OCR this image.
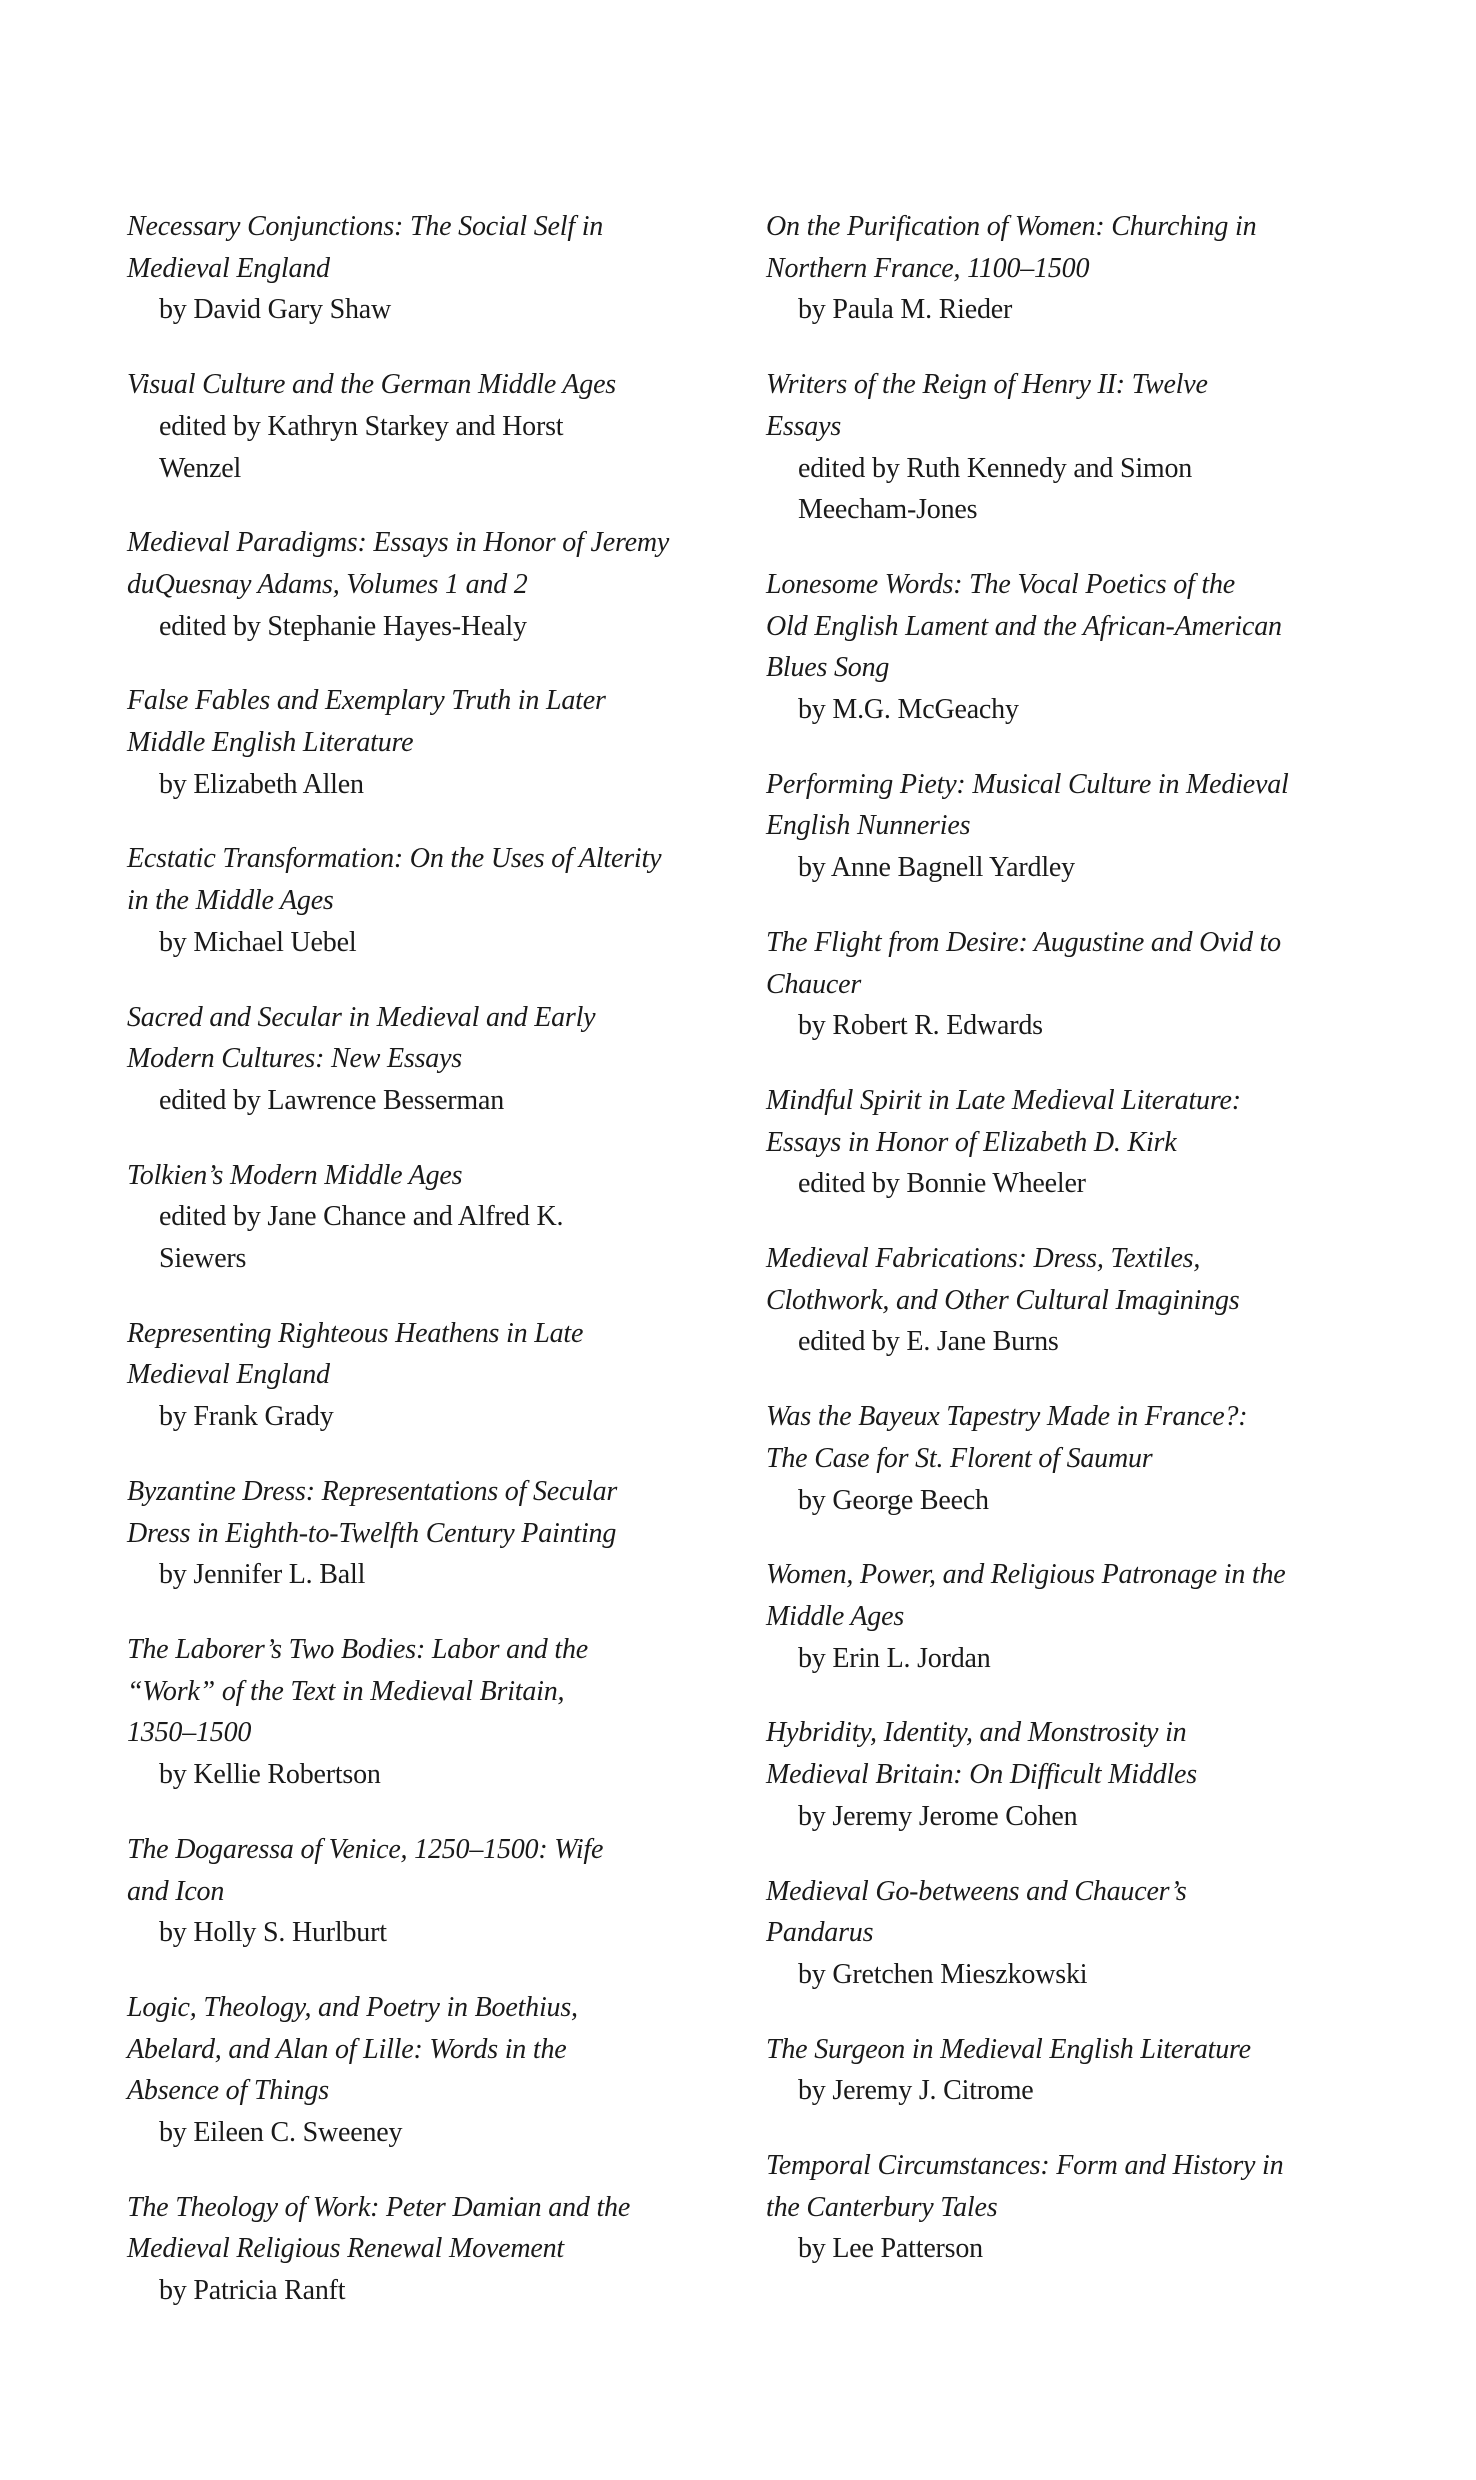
Necessary Conjunctions: The Social Self in
Medieval England
by David Gary Shaw
Visual Culture and the German Middle Ages
edited by Kathryn Starkey and Horst
Wenzel
Medieval Paradigms: Essays in Honor of Jeremy
duQuesnay Adams, Volumes 1 and 2
edited by Stephanie Hayes-Healy
False Fables and Exemplary Truth in Later
Middle English Literature
by Elizabeth Allen
Ecstatic Transformation: On the Uses of Alterity
in the Middle Ages
by Michael Uebel
Sacred and Secular in Medieval and Early
Modern Cultures: New Essays
edited by Lawrence Besserman
Tolkien’s Modern Middle Ages
edited by Jane Chance and Alfred K.
Siewers
Representing Righteous Heathens in Late
Medieval England
by Frank Grady
Byzantine Dress: Representations of Secular
Dress in Eighth-to-Twelfth Century Painting
by Jennifer L. Ball
The Laborer’s Two Bodies: Labor and the
“Work” of the Text in Medieval Britain,
1350–1500
by Kellie Robertson
The Dogaressa of Venice, 1250–1500: Wife
and Icon
by Holly S. Hurlburt
Logic, Theology, and Poetry in Boethius,
Abelard, and Alan of Lille: Words in the
Absence of Things
by Eileen C. Sweeney
The Theology of Work: Peter Damian and the
Medieval Religious Renewal Movement
by Patricia Ranft
On the Purification of Women: Churching in
Northern France, 1100–1500
by Paula M. Rieder
Writers of the Reign of Henry II: Twelve
Essays
edited by Ruth Kennedy and Simon
Meecham-Jones
Lonesome Words: The Vocal Poetics of the
Old English Lament and the African-American
Blues Song
by M.G. McGeachy
Performing Piety: Musical Culture in Medieval
English Nunneries
by Anne Bagnell Yardley
The Flight from Desire: Augustine and Ovid to
Chaucer
by Robert R. Edwards
Mindful Spirit in Late Medieval Literature:
Essays in Honor of Elizabeth D. Kirk
edited by Bonnie Wheeler
Medieval Fabrications: Dress, Textiles,
Clothwork, and Other Cultural Imaginings
edited by E. Jane Burns
Was the Bayeux Tapestry Made in France?:
The Case for St. Florent of Saumur
by George Beech
Women, Power, and Religious Patronage in the
Middle Ages
by Erin L. Jordan
Hybridity, Identity, and Monstrosity in
Medieval Britain: On Difficult Middles
by Jeremy Jerome Cohen
Medieval Go-betweens and Chaucer’s
Pandarus
by Gretchen Mieszkowski
The Surgeon in Medieval English Literature
by Jeremy J. Citrome
Temporal Circumstances: Form and History in
the Canterbury Tales
by Lee Patterson
